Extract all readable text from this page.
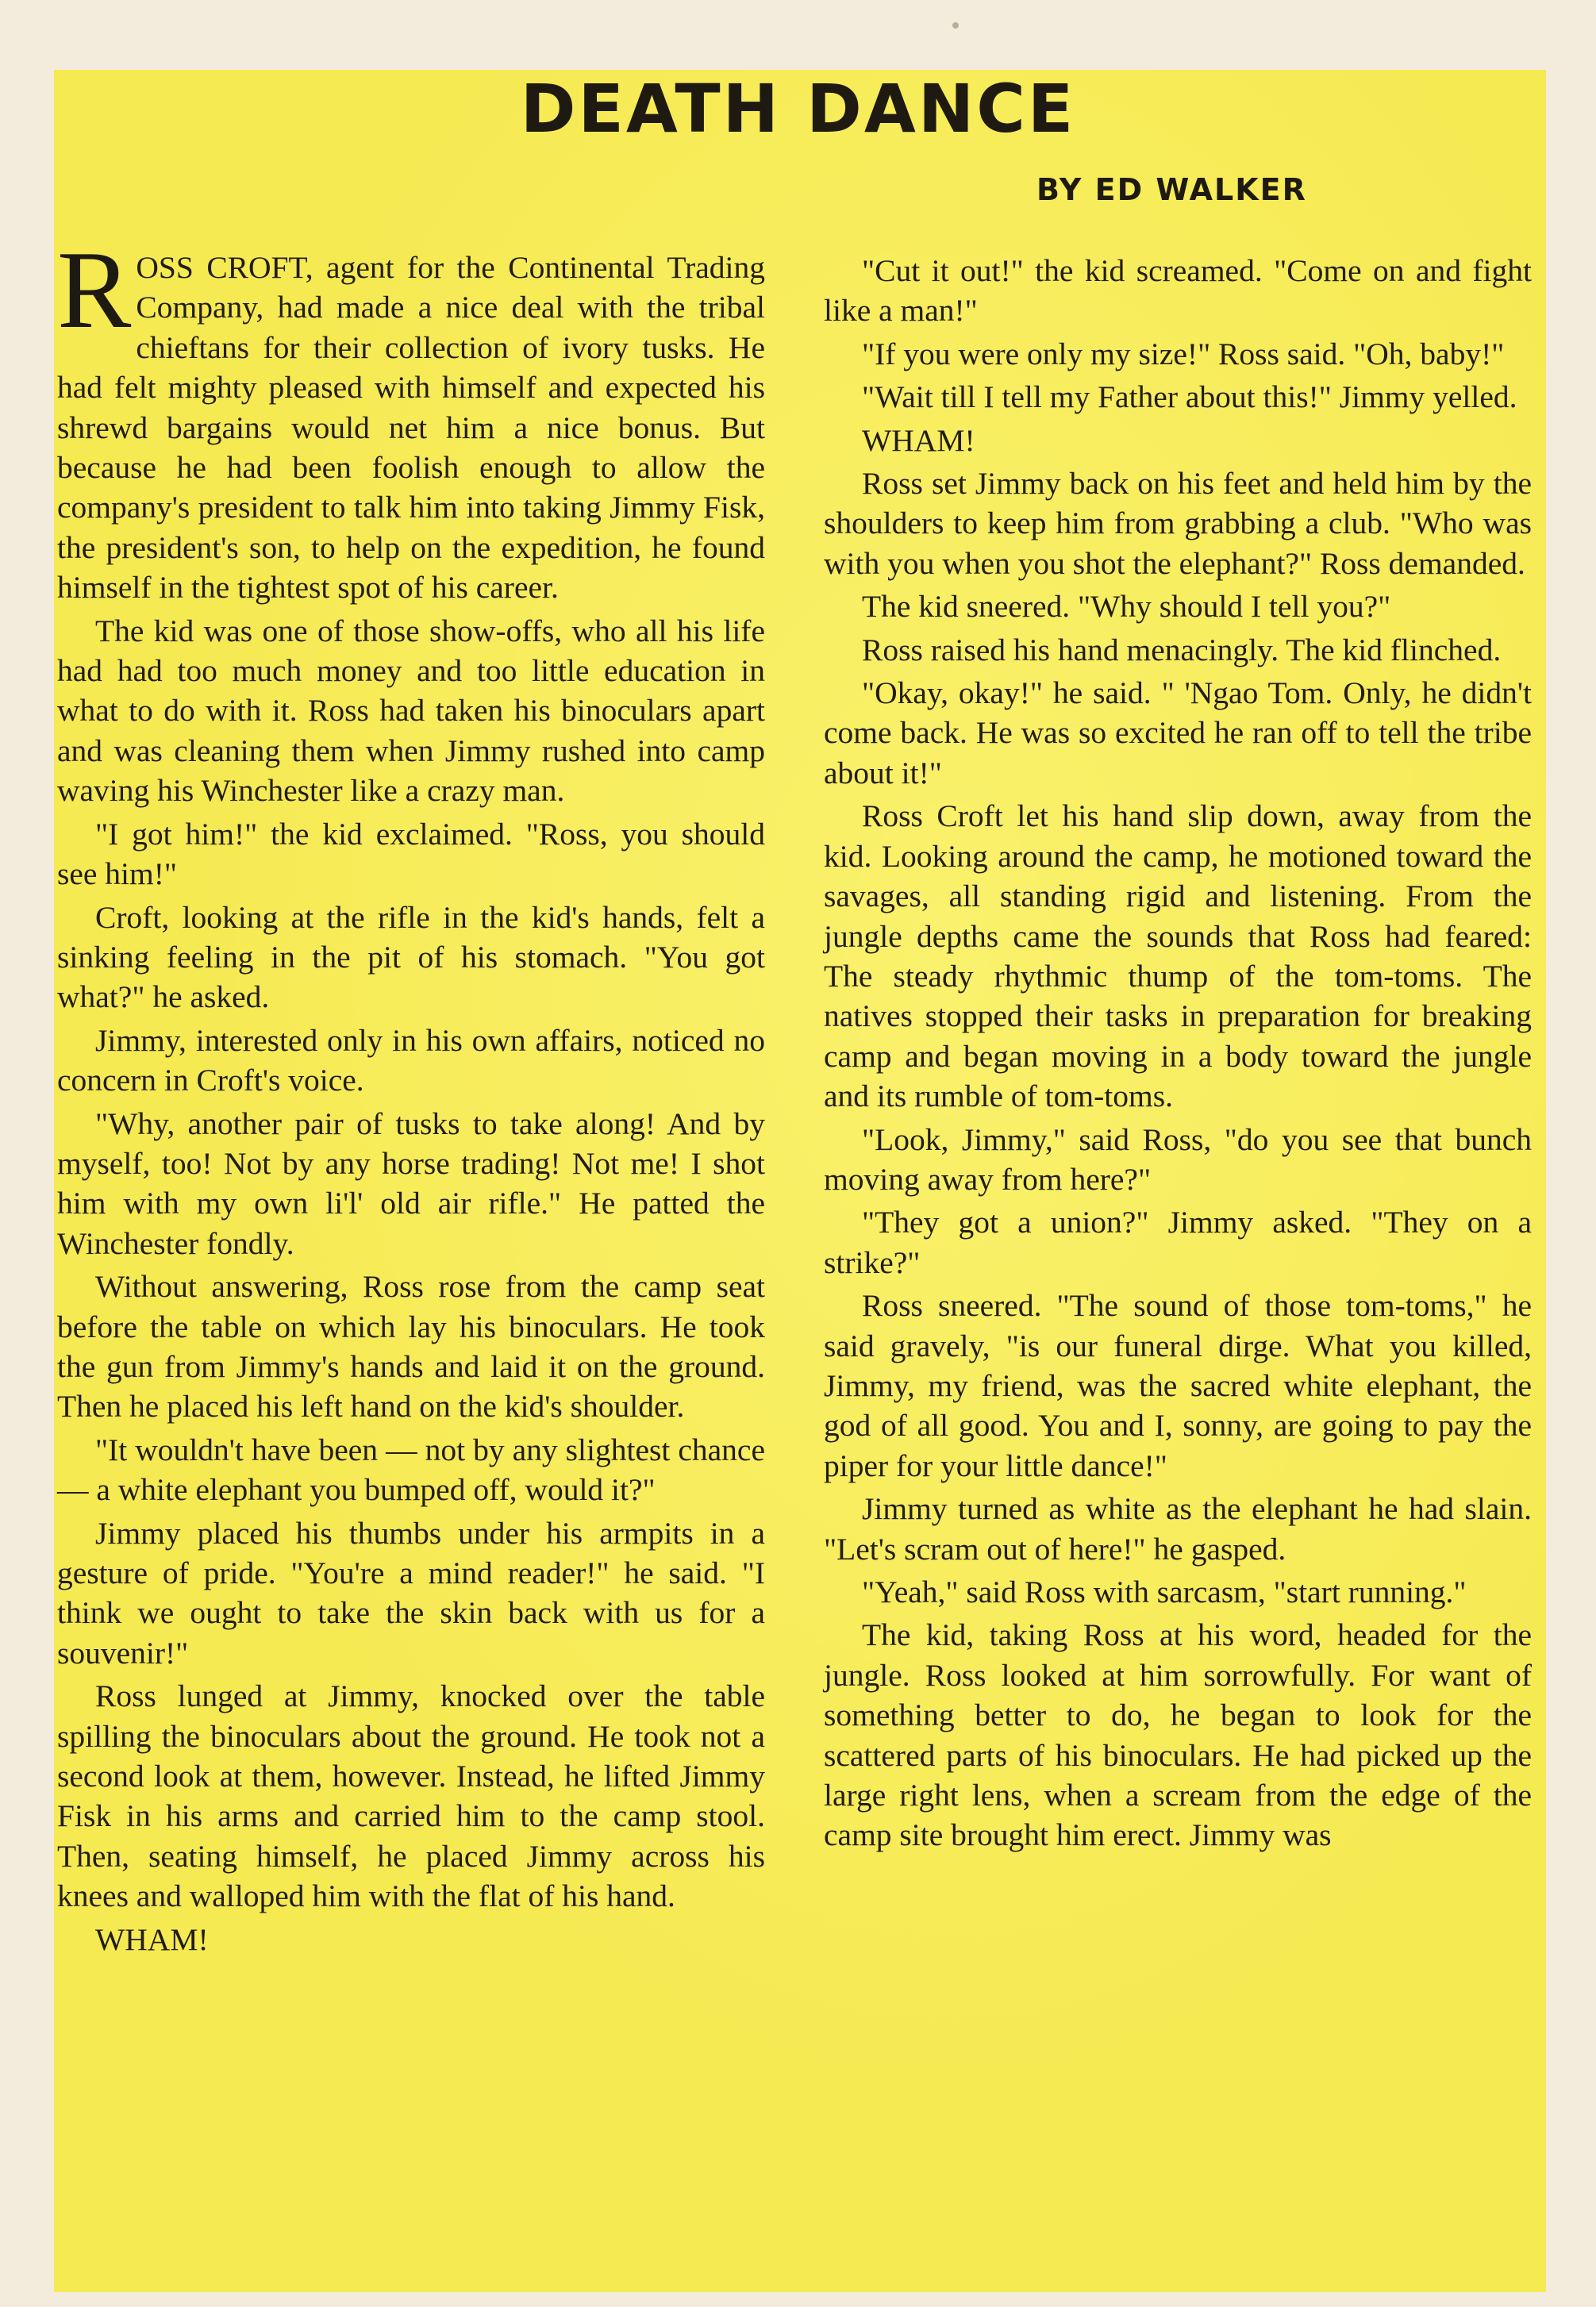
DEATH DANCE
BY ED WALKER

ROSS CROFT, agent for the Continental Trading Company, had made a nice deal with the tribal chieftans for their collection of ivory tusks. He had felt mighty pleased with himself and expected his shrewd bargains would net him a nice bonus. But because he had been foolish enough to allow the company's president to talk him into taking Jimmy Fisk, the president's son, to help on the expedition, he found himself in the tightest spot of his career.

The kid was one of those show-offs, who all his life had had too much money and too little education in what to do with it. Ross had taken his binoculars apart and was cleaning them when Jimmy rushed into camp waving his Winchester like a crazy man.

"I got him!" the kid exclaimed. "Ross, you should see him!"

Croft, looking at the rifle in the kid's hands, felt a sinking feeling in the pit of his stomach. "You got what?" he asked.

Jimmy, interested only in his own affairs, noticed no concern in Croft's voice.

"Why, another pair of tusks to take along! And by myself, too! Not by any horse trading! Not me! I shot him with my own li'l' old air rifle." He patted the Winchester fondly.

Without answering, Ross rose from the camp seat before the table on which lay his binoculars. He took the gun from Jimmy's hands and laid it on the ground. Then he placed his left hand on the kid's shoulder.

"It wouldn't have been — not by any slightest chance — a white elephant you bumped off, would it?"

Jimmy placed his thumbs under his armpits in a gesture of pride. "You're a mind reader!" he said. "I think we ought to take the skin back with us for a souvenir!"

Ross lunged at Jimmy, knocked over the table spilling the binoculars about the ground. He took not a second look at them, however. Instead, he lifted Jimmy Fisk in his arms and carried him to the camp stool. Then, seating himself, he placed Jimmy across his knees and walloped him with the flat of his hand.

WHAM!

"Cut it out!" the kid screamed. "Come on and fight like a man!"

"If you were only my size!" Ross said. "Oh, baby!"

"Wait till I tell my Father about this!" Jimmy yelled.

WHAM!

Ross set Jimmy back on his feet and held him by the shoulders to keep him from grabbing a club. "Who was with you when you shot the elephant?" Ross demanded.

The kid sneered. "Why should I tell you?"

Ross raised his hand menacingly. The kid flinched.

"Okay, okay!" he said. " 'Ngao Tom. Only, he didn't come back. He was so excited he ran off to tell the tribe about it!"

Ross Croft let his hand slip down, away from the kid. Looking around the camp, he motioned toward the savages, all standing rigid and listening. From the jungle depths came the sounds that Ross had feared: The steady rhythmic thump of the tom-toms. The natives stopped their tasks in preparation for breaking camp and began moving in a body toward the jungle and its rumble of tom-toms.

"Look, Jimmy," said Ross, "do you see that bunch moving away from here?"

"They got a union?" Jimmy asked. "They on a strike?"

Ross sneered. "The sound of those tom-toms," he said gravely, "is our funeral dirge. What you killed, Jimmy, my friend, was the sacred white elephant, the god of all good. You and I, sonny, are going to pay the piper for your little dance!"

Jimmy turned as white as the elephant he had slain. "Let's scram out of here!" he gasped.

"Yeah," said Ross with sarcasm, "start running."

The kid, taking Ross at his word, headed for the jungle. Ross looked at him sorrowfully. For want of something better to do, he began to look for the scattered parts of his binoculars. He had picked up the large right lens, when a scream from the edge of the camp site brought him erect. Jimmy was
